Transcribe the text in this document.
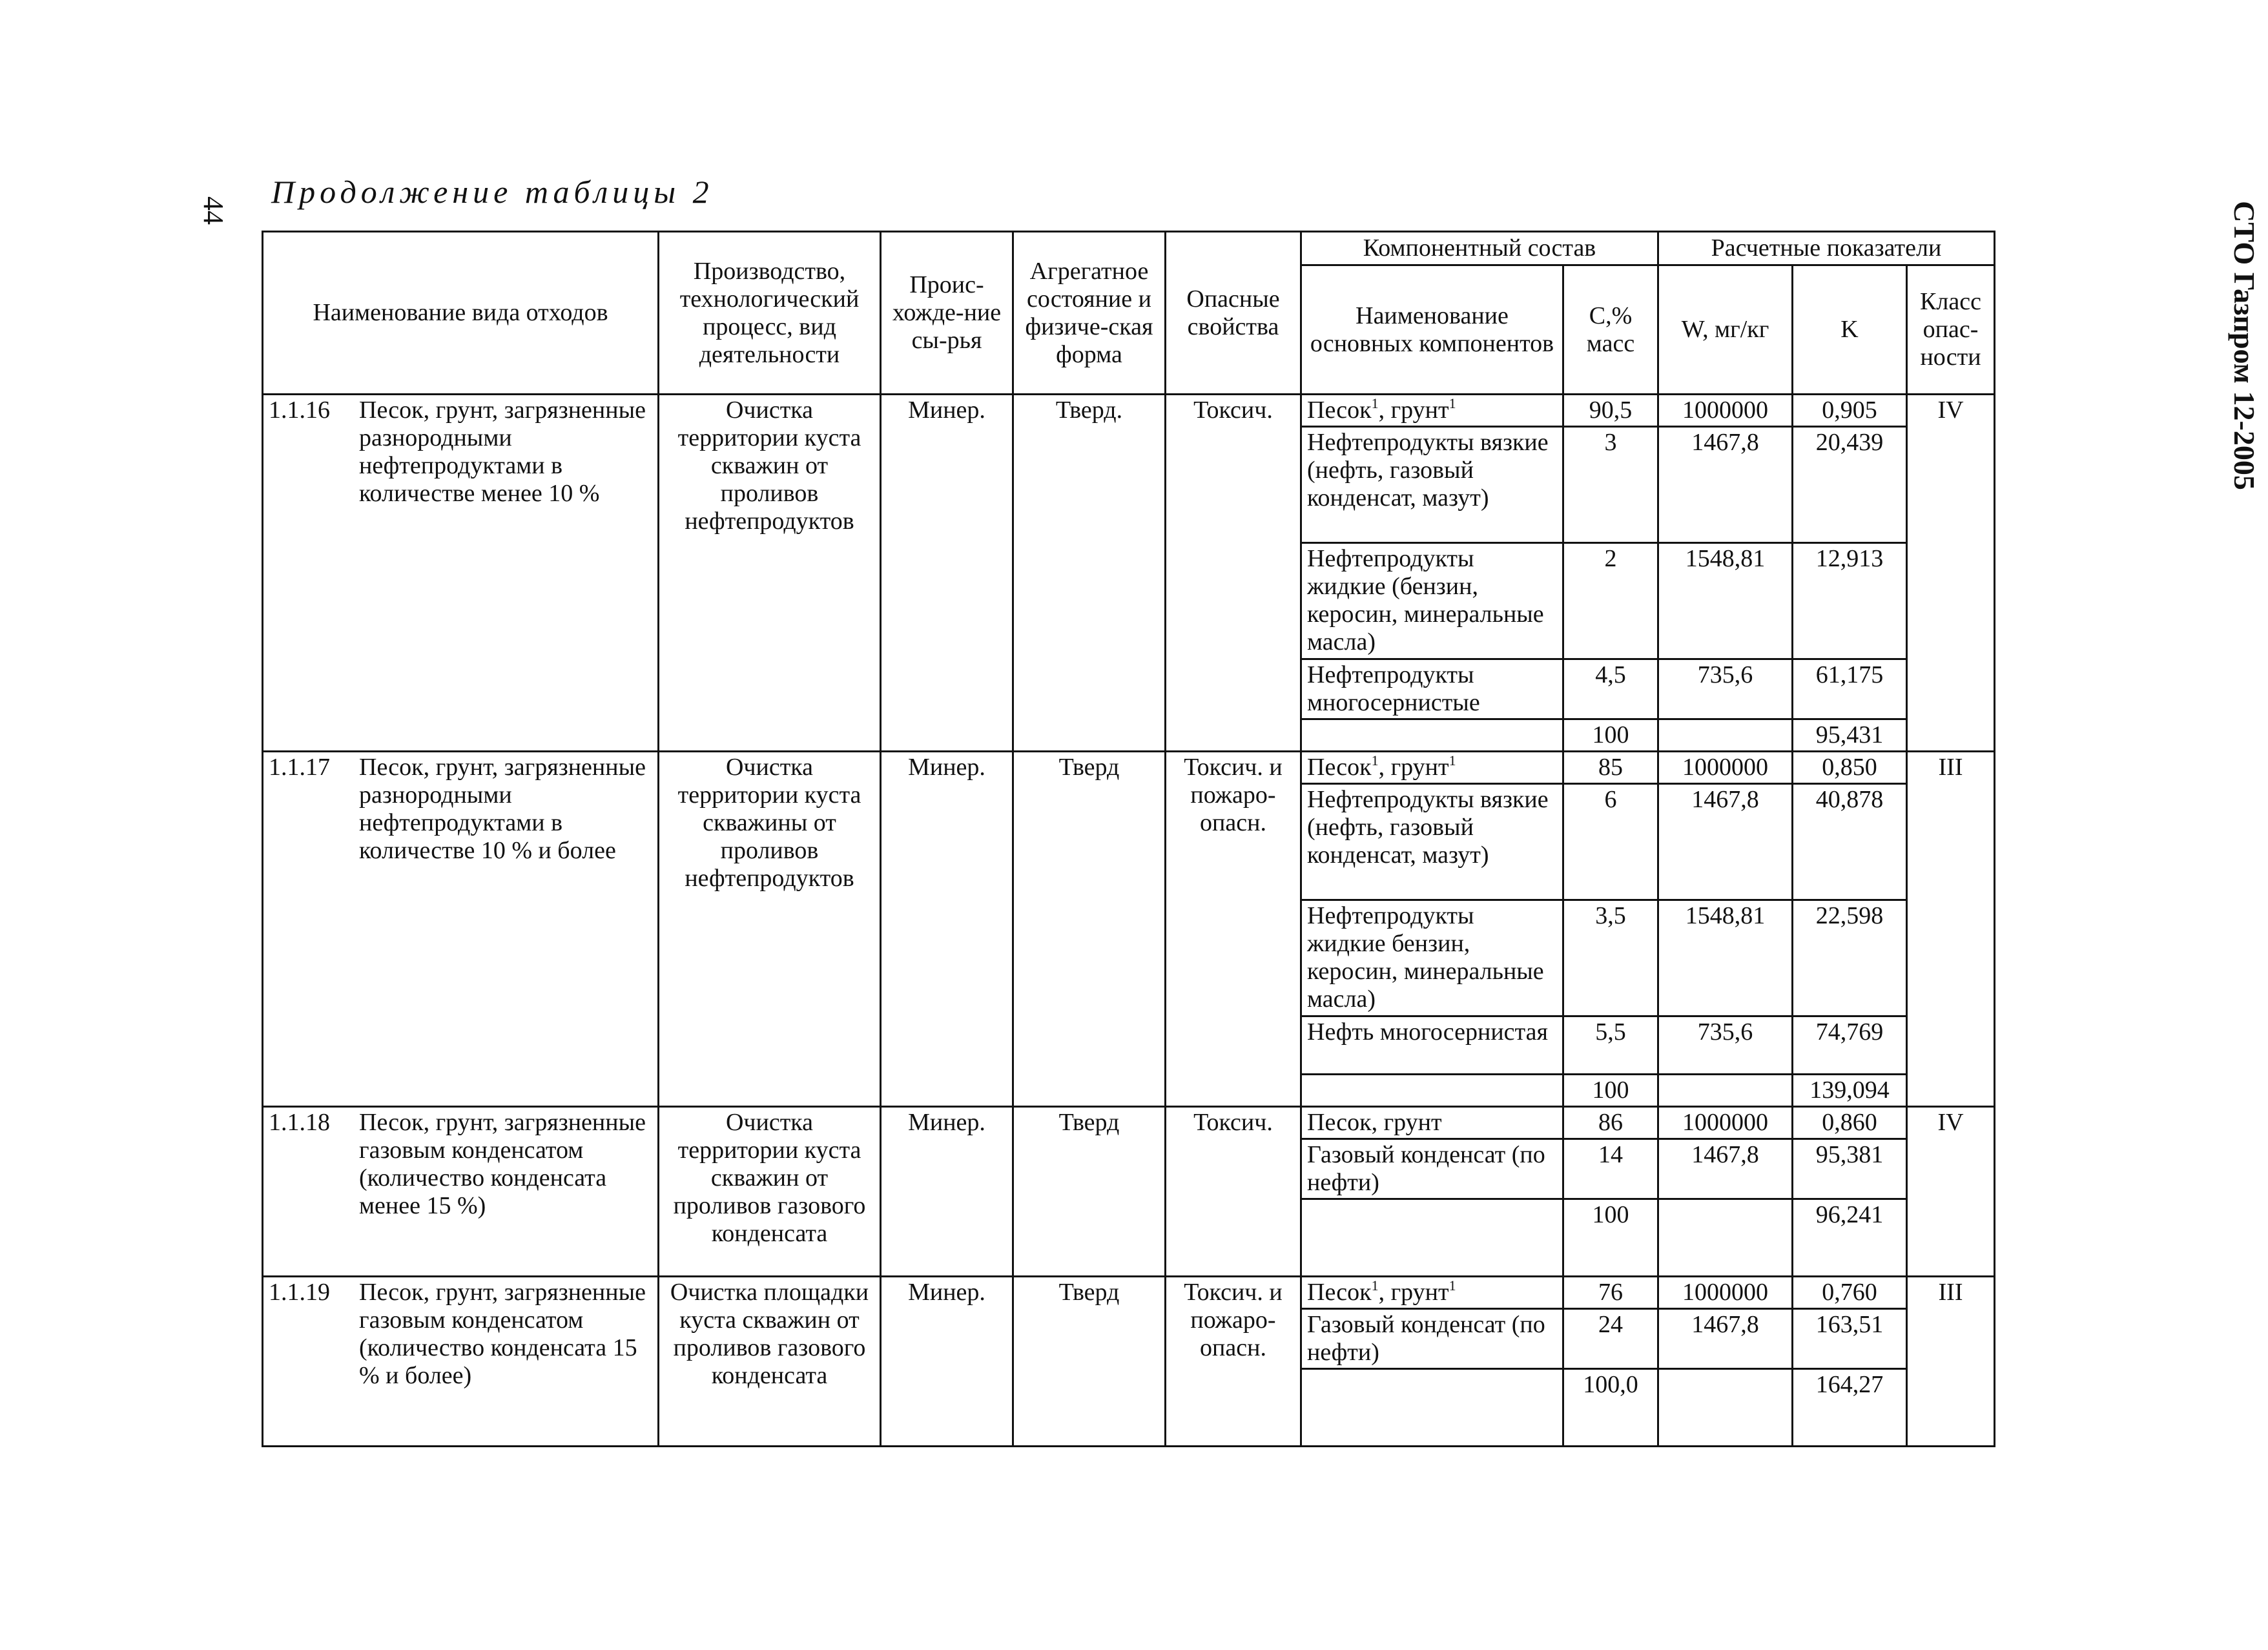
44
Продолжение таблицы 2
СТО Газпром 12-2005
Наименование вида отходов	Производство, технологический процесс, вид деятельности	Проис-хожде-ние сы-рья	Агрегатное состояние и физиче-ская форма	Опасные свойства	Компонентный состав		Расчетные показатели		
					Наименование основных компонентов	С,% масс	W, мг/кг	K	Класс опас-ности

1.1.16 Песок, грунт, загрязненные разнородными нефтепродуктами в количестве менее 10 %	Очистка территории куста скважин от проливов нефтепродуктов	Минер.	Тверд.	Токсич.	Песок$^1$, грунт$^1$	90,5	1000000	0,905	IV
					Нефтепродукты вязкие (нефть, газовый конденсат, мазут)	3	1467,8	20,439	
					Нефтепродукты жидкие (бензин, керосин, минеральные масла)	2	1548,81	12,913	
					Нефтепродукты многосернистые	4,5	735,6	61,175	
						100		95,431	

1.1.17 Песок, грунт, загрязненные разнородными нефтепродуктами в количестве 10 % и более	Очистка территории куста скважины от проливов нефтепродуктов	Минер.	Тверд	Токсич. и пожаро-опасн.	Песок$^1$, грунт$^1$	85	1000000	0,850	III
					Нефтепродукты вязкие (нефть, газовый конденсат, мазут)	6	1467,8	40,878	
					Нефтепродукты жидкие бензин, керосин, минеральные масла)	3,5	1548,81	22,598	
					Нефть многосернистая	5,5	735,6	74,769	
						100		139,094	

1.1.18 Песок, грунт, загрязненные газовым конденсатом (количество конденсата менее 15 %)	Очистка территории куста скважин от проливов газового конденсата	Минер.	Тверд	Токсич.	Песок, грунт	86	1000000	0,860	IV
					Газовый конденсат (по нефти)	14	1467,8	95,381	
						100		96,241	

1.1.19 Песок, грунт, загрязненные газовым конденсатом (количество конденсата 15 % и более)	Очистка площадки куста скважин от проливов газового конденсата	Минер.	Тверд	Токсич. и пожаро-опасн.	Песок$^1$, грунт$^1$	76	1000000	0,760	III
					Газовый конденсат (по нефти)	24	1467,8	163,51	
						100,0		164,27	
